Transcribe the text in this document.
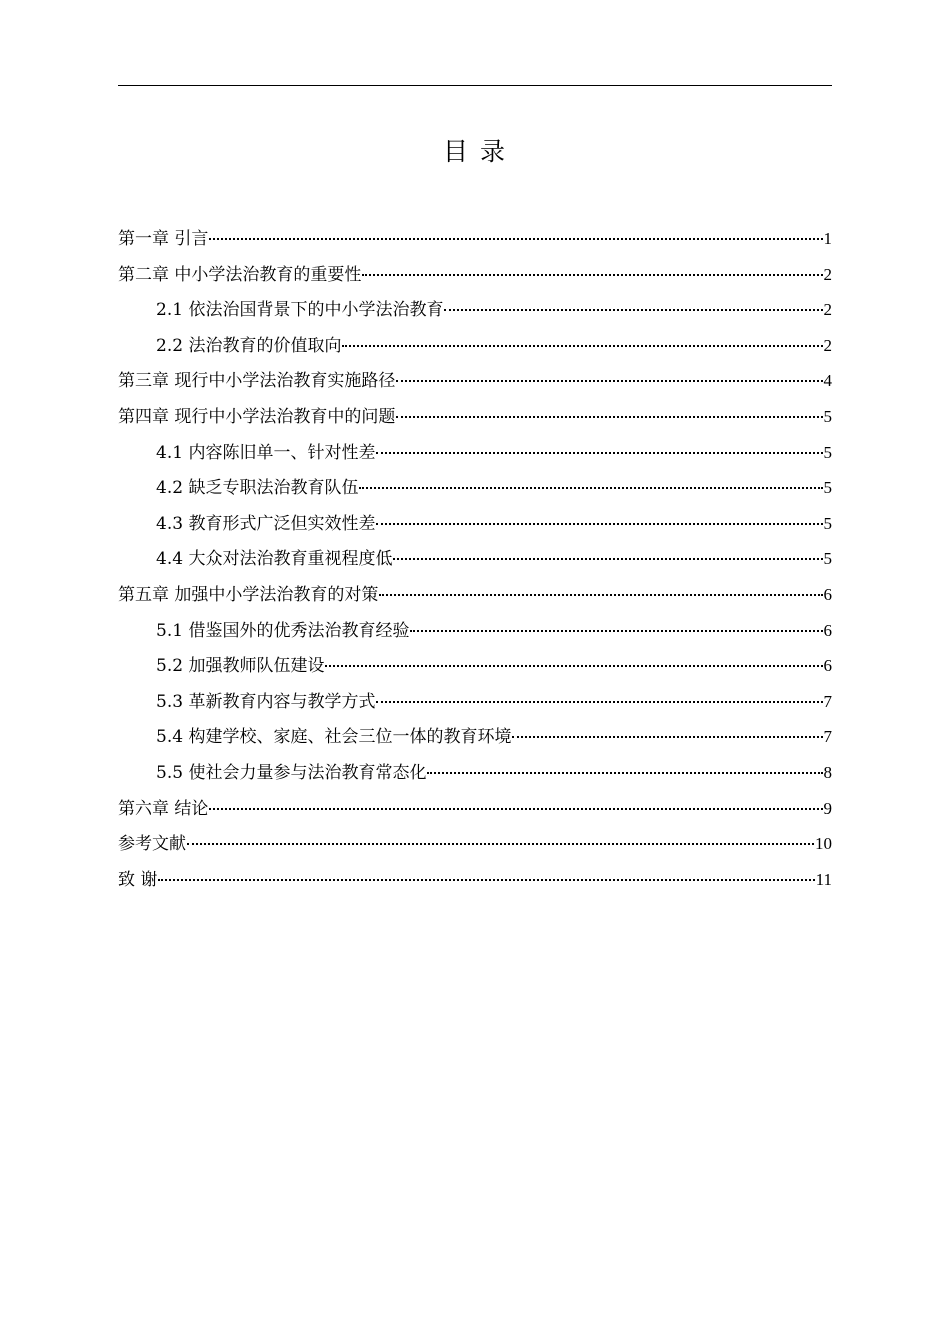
目 录
第一章 引言	1
第二章 中小学法治教育的重要性	2
2.1 依法治国背景下的中小学法治教育	2
2.2 法治教育的价值取向	2
第三章 现行中小学法治教育实施路径	4
第四章 现行中小学法治教育中的问题	5
4.1 内容陈旧单一、针对性差	5
4.2 缺乏专职法治教育队伍	5
4.3 教育形式广泛但实效性差	5
4.4 大众对法治教育重视程度低	5
第五章 加强中小学法治教育的对策	6
5.1 借鉴国外的优秀法治教育经验	6
5.2 加强教师队伍建设	6
5.3 革新教育内容与教学方式	7
5.4 构建学校、家庭、社会三位一体的教育环境	7
5.5 使社会力量参与法治教育常态化	8
第六章 结论	9
参考文献	10
致 谢	11
